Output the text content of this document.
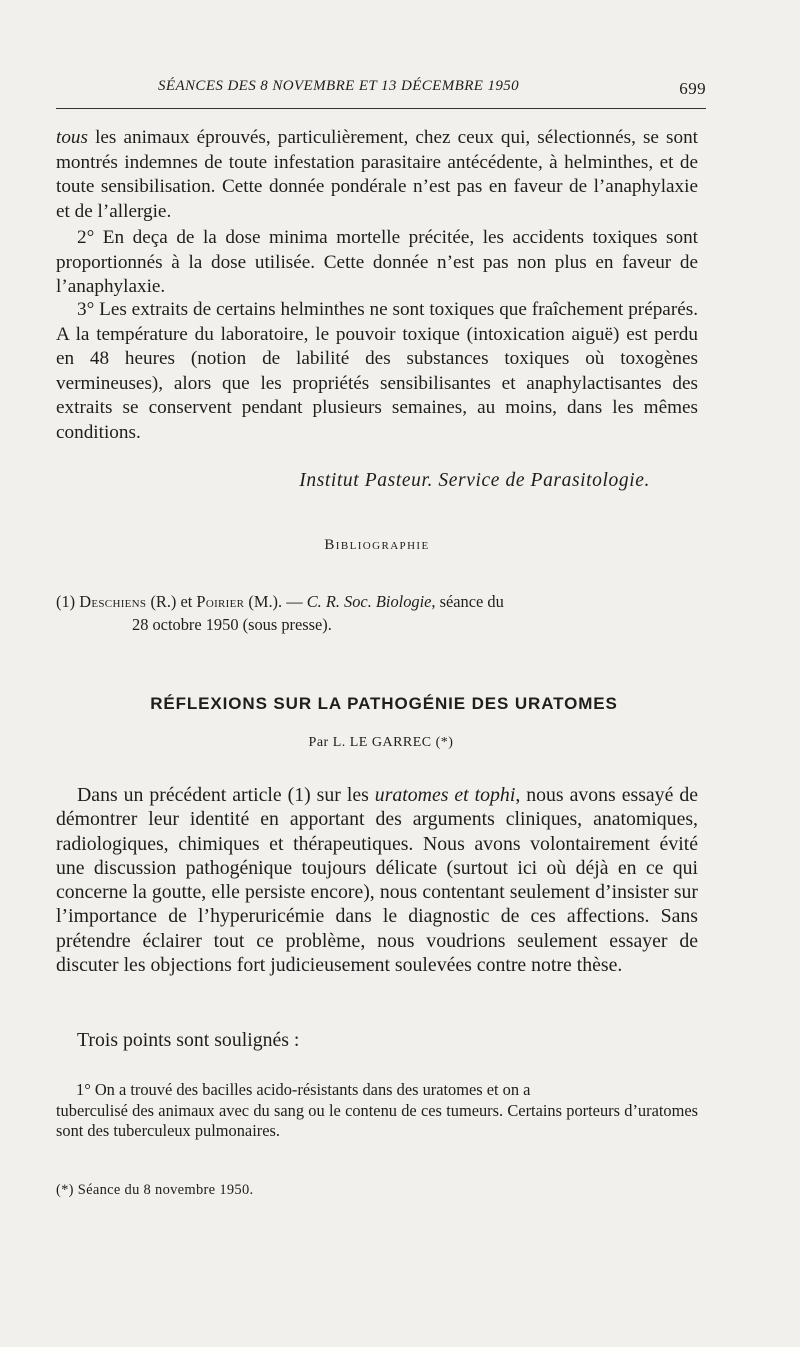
SÉANCES DES 8 NOVEMBRE ET 13 DÉCEMBRE 1950	699

tous les animaux éprouvés, particulièrement, chez ceux qui, sélectionnés, se sont montrés indemnes de toute infestation parasitaire antécédente, à helminthes, et de toute sensibilisation. Cette donnée pondérale n’est pas en faveur de l’anaphylaxie et de l’allergie.

2° En deça de la dose minima mortelle précitée, les accidents toxiques sont proportionnés à la dose utilisée. Cette donnée n’est pas non plus en faveur de l’anaphylaxie.

3° Les extraits de certains helminthes ne sont toxiques que fraîchement préparés. A la température du laboratoire, le pouvoir toxique (intoxication aiguë) est perdu en 48 heures (notion de labilité des substances toxiques où toxogènes vermineuses), alors que les propriétés sensibilisantes et anaphylactisantes des extraits se conservent pendant plusieurs semaines, au moins, dans les mêmes conditions.

Institut Pasteur. Service de Parasitologie.
Bibliographie
(1) Deschiens (R.) et Poirier (M.). — C. R. Soc. Biologie, séance du
28 octobre 1950 (sous presse).
RÉFLEXIONS SUR LA PATHOGÉNIE DES URATOMES
Par L. LE GARREC (*)

Dans un précédent article (1) sur les uratomes et tophi, nous avons essayé de démontrer leur identité en apportant des arguments cliniques, anatomiques, radiologiques, chimiques et thérapeutiques. Nous avons volontairement évité une discussion pathogénique toujours délicate (surtout ici où déjà en ce qui concerne la goutte, elle persiste encore), nous contentant seulement d’insister sur l’importance de l’hyperuricémie dans le diagnostic de ces affections. Sans prétendre éclairer tout ce problème, nous voudrions seulement essayer de discuter les objections fort judicieusement soulevées contre notre thèse.

Trois points sont soulignés :

1° On a trouvé des bacilles acido-résistants dans des uratomes et on a
tuberculisé des animaux avec du sang ou le contenu de ces tumeurs. Certains porteurs d’uratomes sont des tuberculeux pulmonaires.
(*) Séance du 8 novembre 1950.
